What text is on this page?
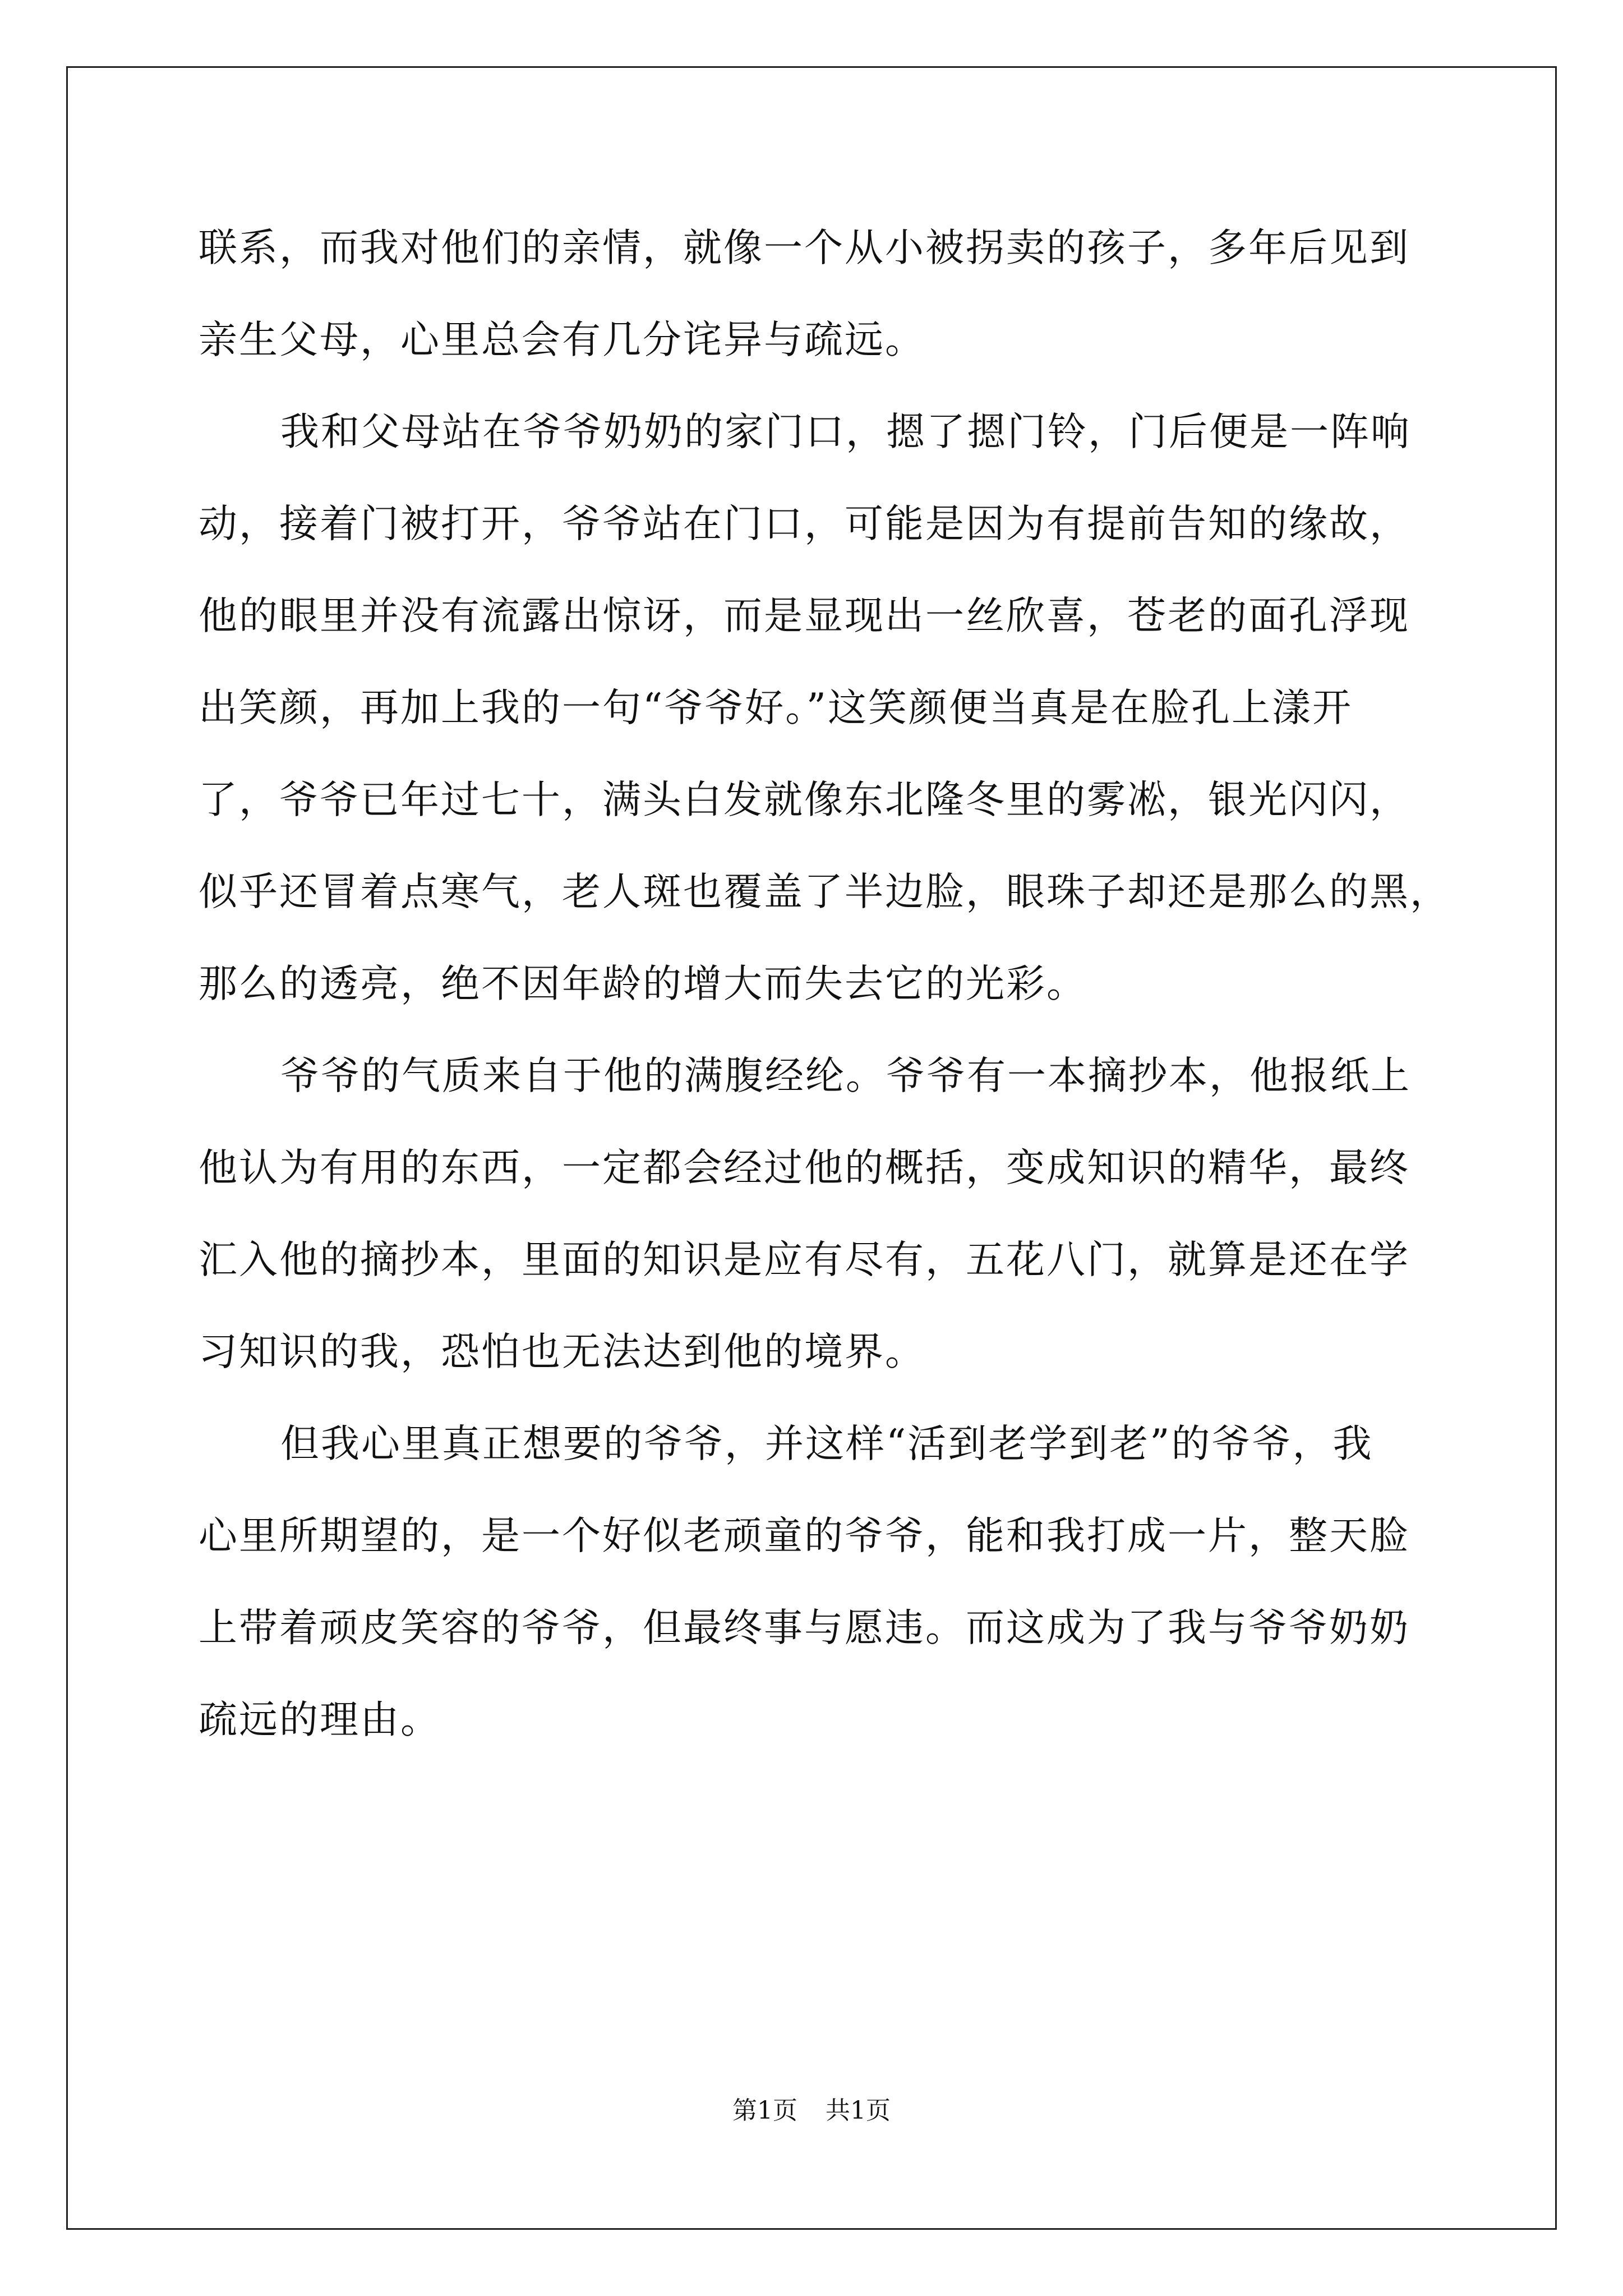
联系，而我对他们的亲情，就像一个从小被拐卖的孩子，多年后见到
亲生父母，心里总会有几分诧异与疏远。
我和父母站在爷爷奶奶的家门口，摁了摁门铃，门后便是一阵响
动，接着门被打开，爷爷站在门口，可能是因为有提前告知的缘故，
他的眼里并没有流露出惊讶，而是显现出一丝欣喜，苍老的面孔浮现
出笑颜，再加上我的一句“爷爷好。”这笑颜便当真是在脸孔上漾开
了，爷爷已年过七十，满头白发就像东北隆冬里的雾凇，银光闪闪，
似乎还冒着点寒气，老人斑也覆盖了半边脸，眼珠子却还是那么的黑，
那么的透亮，绝不因年龄的增大而失去它的光彩。
爷爷的气质来自于他的满腹经纶。爷爷有一本摘抄本，他报纸上
他认为有用的东西，一定都会经过他的概括，变成知识的精华，最终
汇入他的摘抄本，里面的知识是应有尽有，五花八门，就算是还在学
习知识的我，恐怕也无法达到他的境界。
但我心里真正想要的爷爷，并这样“活到老学到老”的爷爷，我
心里所期望的，是一个好似老顽童的爷爷，能和我打成一片，整天脸
上带着顽皮笑容的爷爷，但最终事与愿违。而这成为了我与爷爷奶奶
疏远的理由。
第1页 共1页
